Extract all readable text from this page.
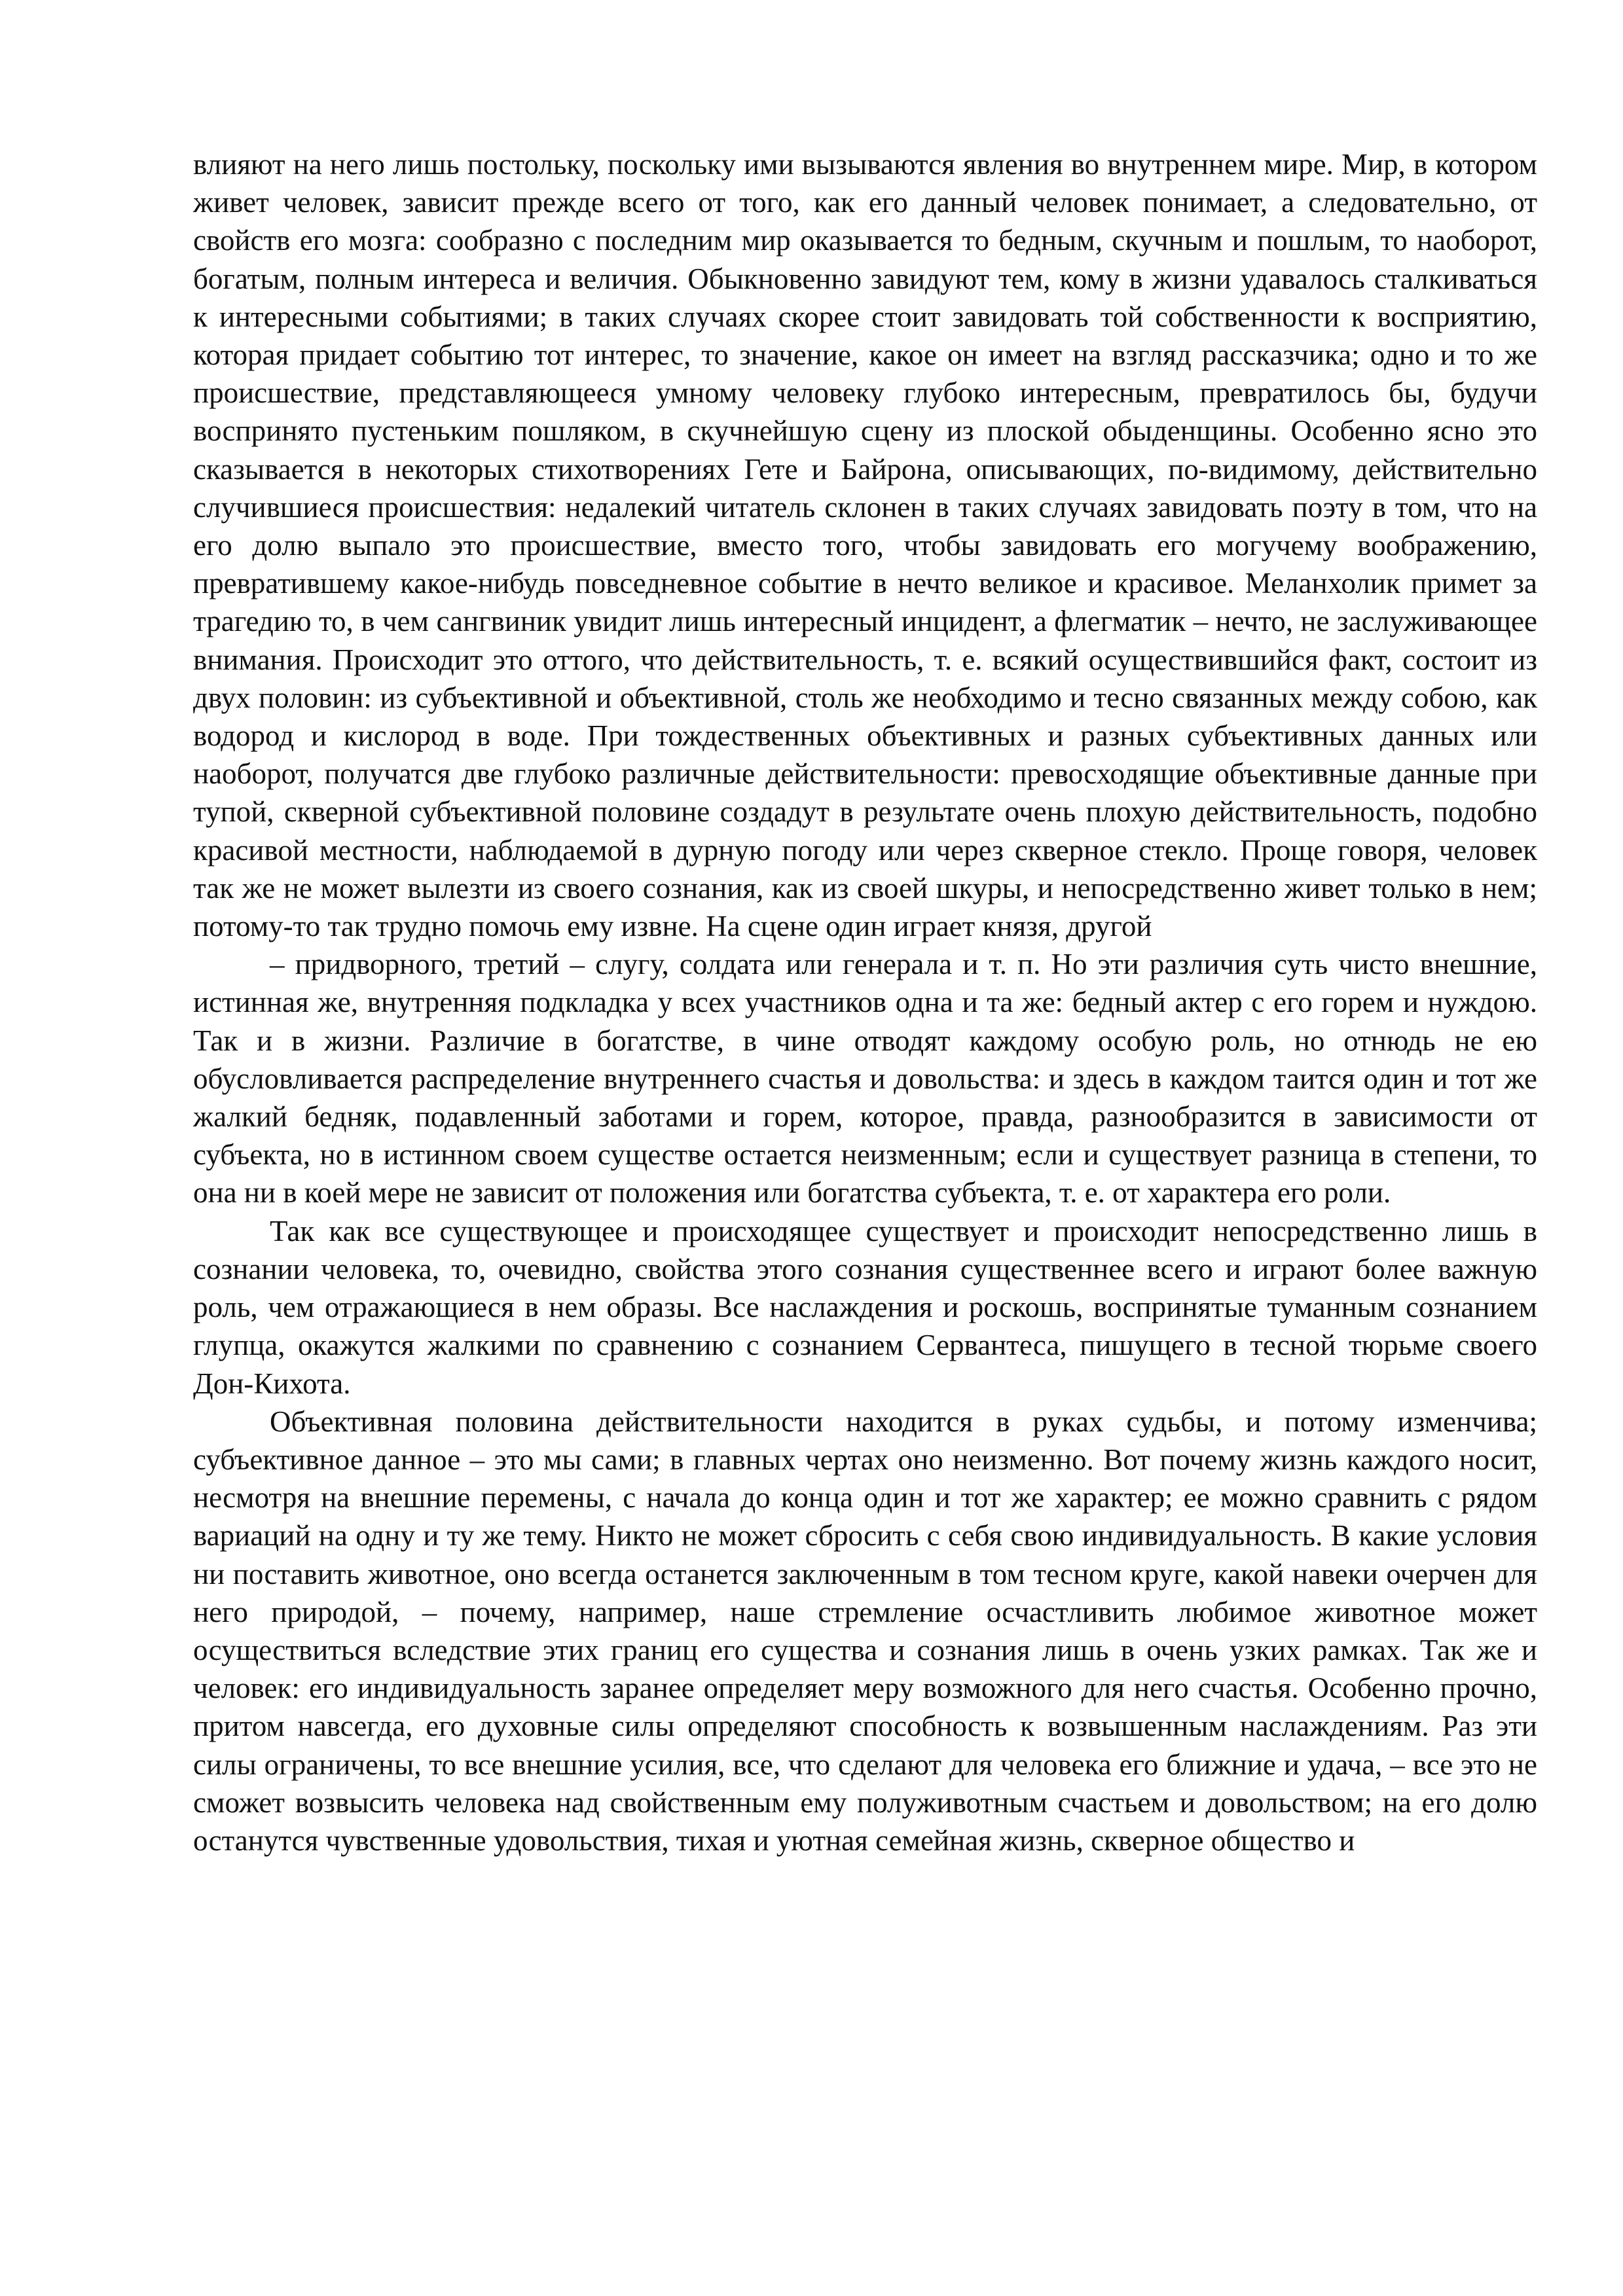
влияют на него лишь постольку, поскольку ими вызываются явления во внутреннем мире. Мир, в котором живет человек, зависит прежде всего от того, как его данный человек понимает, а следовательно, от свойств его мозга: сообразно с последним мир оказывается то бедным, скучным и пошлым, то наоборот, богатым, полным интереса и величия. Обыкновенно завидуют тем, кому в жизни удавалось сталкиваться к интересными событиями; в таких случаях скорее стоит завидовать той собственности к восприятию, которая придает событию тот интерес, то значение, какое он имеет на взгляд рассказчика; одно и то же происшествие, представляющееся умному человеку глубоко интересным, превратилось бы, будучи воспринято пустеньким пошляком, в скучнейшую сцену из плоской обыденщины. Особенно ясно это сказывается в некоторых стихотворениях Гете и Байрона, описывающих, по-видимому, действительно случившиеся происшествия: недалекий читатель склонен в таких случаях завидовать поэту в том, что на его долю выпало это происшествие, вместо того, чтобы завидовать его могучему воображению, превратившему какое-нибудь повседневное событие в нечто великое и красивое. Меланхолик примет за трагедию то, в чем сангвиник увидит лишь интересный инцидент, а флегматик – нечто, не заслуживающее внимания. Происходит это оттого, что действительность, т. е. всякий осуществившийся факт, состоит из двух половин: из субъективной и объективной, столь же необходимо и тесно связанных между собою, как водород и кислород в воде. При тождественных объективных и разных субъективных данных или наоборот, получатся две глубоко различные действительности: превосходящие объективные данные при тупой, скверной субъективной половине создадут в результате очень плохую действительность, подобно красивой местности, наблюдаемой в дурную погоду или через скверное стекло. Проще говоря, человек так же не может вылезти из своего сознания, как из своей шкуры, и непосредственно живет только в нем; потому-то так трудно помочь ему извне. На сцене один играет князя, другой

– придворного, третий – слугу, солдата или генерала и т. п. Но эти различия суть чисто внешние, истинная же, внутренняя подкладка у всех участников одна и та же: бедный актер с его горем и нуждою. Так и в жизни. Различие в богатстве, в чине отводят каждому особую роль, но отнюдь не ею обусловливается распределение внутреннего счастья и довольства: и здесь в каждом таится один и тот же жалкий бедняк, подавленный заботами и горем, которое, правда, разнообразится в зависимости от субъекта, но в истинном своем существе остается неизменным; если и существует разница в степени, то она ни в коей мере не зависит от положения или богатства субъекта, т. е. от характера его роли.

Так как все существующее и происходящее существует и происходит непосредственно лишь в сознании человека, то, очевидно, свойства этого сознания существеннее всего и играют более важную роль, чем отражающиеся в нем образы. Все наслаждения и роскошь, воспринятые туманным сознанием глупца, окажутся жалкими по сравнению с сознанием Сервантеса, пишущего в тесной тюрьме своего Дон-Кихота.

Объективная половина действительности находится в руках судьбы, и потому изменчива; субъективное данное – это мы сами; в главных чертах оно неизменно. Вот почему жизнь каждого носит, несмотря на внешние перемены, с начала до конца один и тот же характер; ее можно сравнить с рядом вариаций на одну и ту же тему. Никто не может сбросить с себя свою индивидуальность. В какие условия ни поставить животное, оно всегда останется заключенным в том тесном круге, какой навеки очерчен для него природой, – почему, например, наше стремление осчастливить любимое животное может осуществиться вследствие этих границ его существа и сознания лишь в очень узких рамках. Так же и человек: его индивидуальность заранее определяет меру возможного для него счастья. Особенно прочно, притом навсегда, его духовные силы определяют способность к возвышенным наслаждениям. Раз эти силы ограничены, то все внешние усилия, все, что сделают для человека его ближние и удача, – все это не сможет возвысить человека над свойственным ему полуживотным счастьем и довольством; на его долю останутся чувственные удовольствия, тихая и уютная семейная жизнь, скверное общество и
